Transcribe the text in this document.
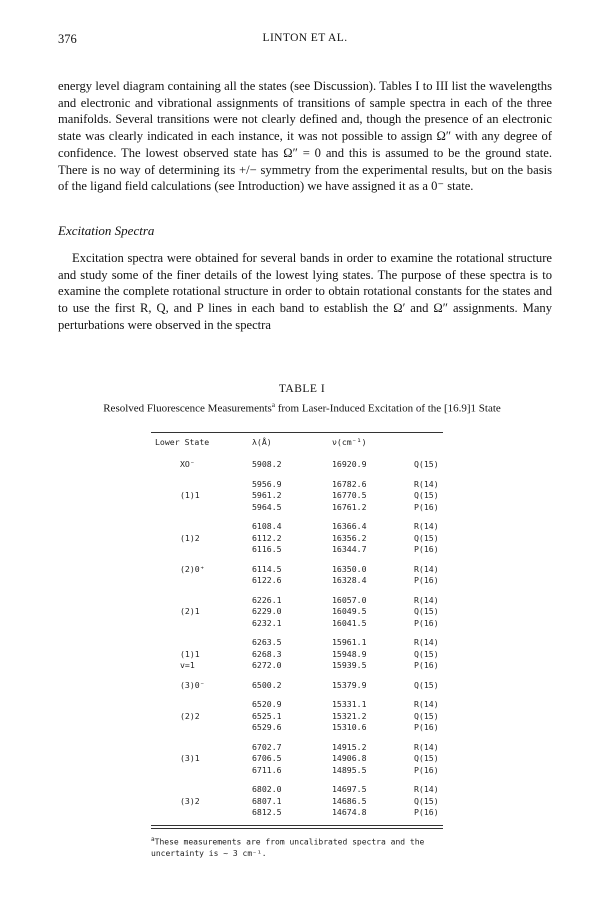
376	LINTON ET AL.

energy level diagram containing all the states (see Discussion). Tables I to III list the wavelengths and electronic and vibrational assignments of transitions of sample spectra in each of the three manifolds. Several transitions were not clearly defined and, though the presence of an electronic state was clearly indicated in each instance, it was not possible to assign Ω″ with any degree of confidence. The lowest observed state has Ω″ = 0 and this is assumed to be the ground state. There is no way of determining its +/− symmetry from the experimental results, but on the basis of the ligand field calculations (see Introduction) we have assigned it as a 0⁻ state.

Excitation Spectra

Excitation spectra were obtained for several bands in order to examine the rotational structure and study some of the finer details of the lowest lying states. The purpose of these spectra is to examine the complete rotational structure in order to obtain rotational constants for the states and to use the first R, Q, and P lines in each band to establish the Ω′ and Ω″ assignments. Many perturbations were observed in the spectra

TABLE I
Resolved Fluorescence Measurements$^a$ from Laser-Induced Excitation of the [16.9]1 State
Lower State	λ(Å)	ν(cm⁻¹)	

XO⁻	5908.2	16920.9	Q(15)

	5956.9	16782.6	R(14)
(1)1	5961.2	16770.5	Q(15)
	5964.5	16761.2	P(16)

	6108.4	16366.4	R(14)
(1)2	6112.2	16356.2	Q(15)
	6116.5	16344.7	P(16)

(2)0⁺	6114.5	16350.0	R(14)
	6122.6	16328.4	P(16)

	6226.1	16057.0	R(14)
(2)1	6229.0	16049.5	Q(15)
	6232.1	16041.5	P(16)

	6263.5	15961.1	R(14)
(1)1	6268.3	15948.9	Q(15)
v=1	6272.0	15939.5	P(16)

(3)0⁻	6500.2	15379.9	Q(15)

	6520.9	15331.1	R(14)
(2)2	6525.1	15321.2	Q(15)
	6529.6	15310.6	P(16)

	6702.7	14915.2	R(14)
(3)1	6706.5	14906.8	Q(15)
	6711.6	14895.5	P(16)

	6802.0	14697.5	R(14)
(3)2	6807.1	14686.5	Q(15)
	6812.5	14674.8	P(16)
$^a$These measurements are from uncalibrated spectra and the uncertainty is ~ 3 cm⁻¹.
